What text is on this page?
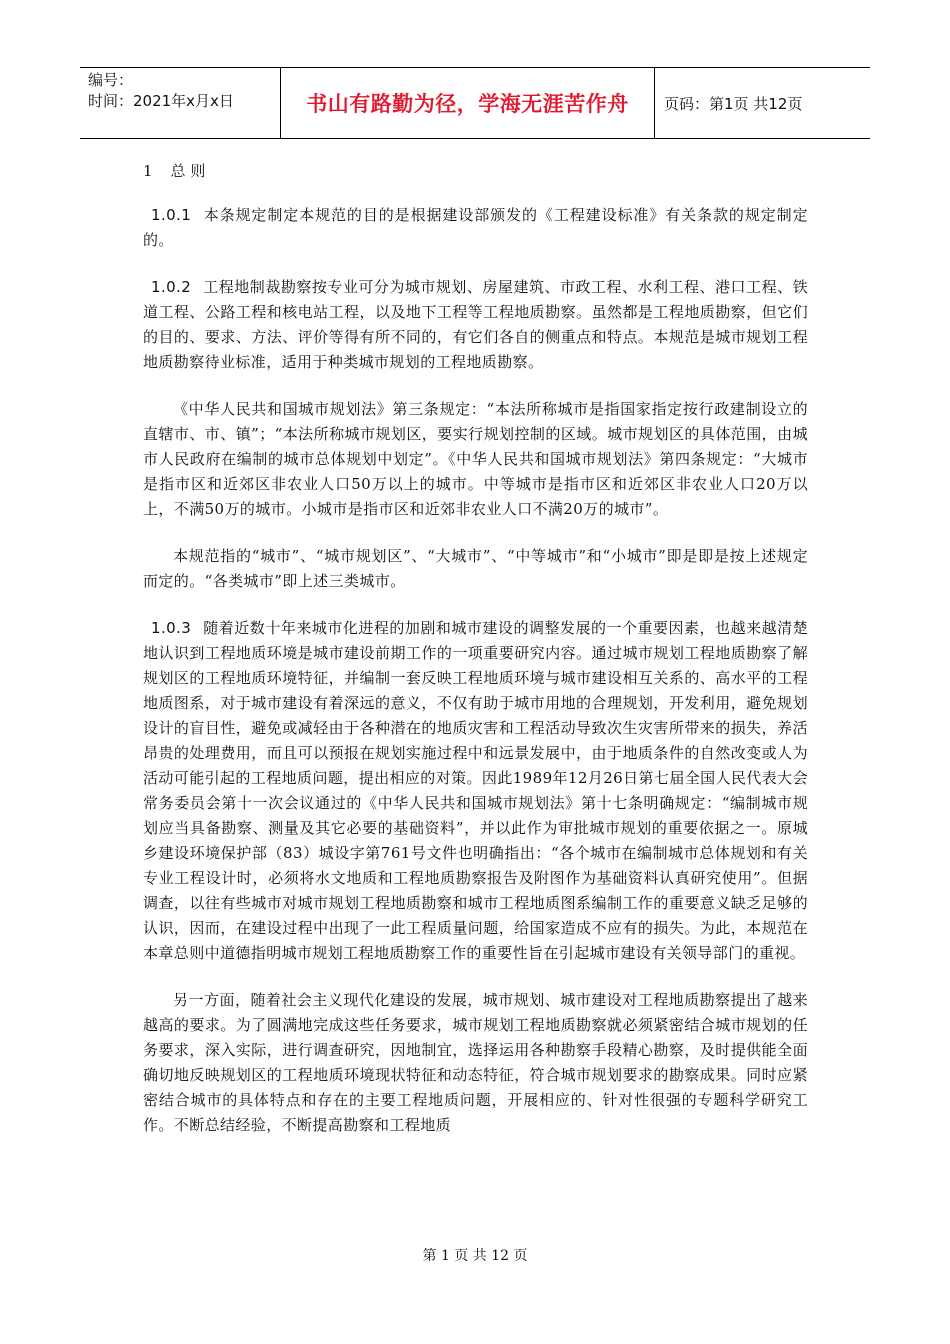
编号：
时间：2021年x月x日	书山有路勤为径，学海无涯苦作舟 页码：第1页 共12页
1 总 则

1.0.1 本条规定制定本规范的目的是根据建设部颁发的《工程建设标准》有关条款的规定制定的。

1.0.2 工程地制裁勘察按专业可分为城市规划、房屋建筑、市政工程、水利工程、港口工程、铁道工程、公路工程和核电站工程，以及地下工程等工程地质勘察。虽然都是工程地质勘察，但它们的目的、要求、方法、评价等得有所不同的，有它们各自的侧重点和特点。本规范是城市规划工程地质勘察待业标准，适用于种类城市规划的工程地质勘察。

《中华人民共和国城市规划法》第三条规定：“本法所称城市是指国家指定按行政建制设立的直辖市、市、镇”；“本法所称城市规划区，要实行规划控制的区域。城市规划区的具体范围，由城市人民政府在编制的城市总体规划中划定”。《中华人民共和国城市规划法》第四条规定：“大城市是指市区和近郊区非农业人口50万以上的城市。中等城市是指市区和近郊区非农业人口20万以上，不满50万的城市。小城市是指市区和近郊非农业人口不满20万的城市”。

本规范指的“城市”、“城市规划区”、“大城市”、“中等城市”和“小城市”即是即是按上述规定而定的。“各类城市”即上述三类城市。

1.0.3 随着近数十年来城市化进程的加剧和城市建设的调整发展的一个重要因素，也越来越清楚地认识到工程地质环境是城市建设前期工作的一项重要研究内容。通过城市规划工程地质勘察了解规划区的工程地质环境特征，并编制一套反映工程地质环境与城市建设相互关系的、高水平的工程地质图系，对于城市建设有着深远的意义，不仅有助于城市用地的合理规划，开发利用，避免规划设计的盲目性，避免或减轻由于各种潜在的地质灾害和工程活动导致次生灾害所带来的损失，养活昂贵的处理费用，而且可以预报在规划实施过程中和远景发展中，由于地质条件的自然改变或人为活动可能引起的工程地质问题，提出相应的对策。因此1989年12月26日第七届全国人民代表大会常务委员会第十一次会议通过的《中华人民共和国城市规划法》第十七条明确规定：“编制城市规划应当具备勘察、测量及其它必要的基础资料”，并以此作为审批城市规划的重要依据之一。原城乡建设环境保护部（83）城设字第761号文件也明确指出：“各个城市在编制城市总体规划和有关专业工程设计时，必须将水文地质和工程地质勘察报告及附图作为基础资料认真研究使用”。但据调查，以往有些城市对城市规划工程地质勘察和城市工程地质图系编制工作的重要意义缺乏足够的认识，因而，在建设过程中出现了一此工程质量问题，给国家造成不应有的损失。为此，本规范在本章总则中道德指明城市规划工程地质勘察工作的重要性旨在引起城市建设有关领导部门的重视。

另一方面，随着社会主义现代化建设的发展，城市规划、城市建设对工程地质勘察提出了越来越高的要求。为了圆满地完成这些任务要求，城市规划工程地质勘察就必须紧密结合城市规划的任务要求，深入实际，进行调查研究，因地制宜，选择运用各种勘察手段精心勘察，及时提供能全面确切地反映规划区的工程地质环境现状特征和动态特征，符合城市规划要求的勘察成果。同时应紧密结合城市的具体特点和存在的主要工程地质问题，开展相应的、针对性很强的专题科学研究工作。不断总结经验，不断提高勘察和工程地质

第 1 页 共 12 页
